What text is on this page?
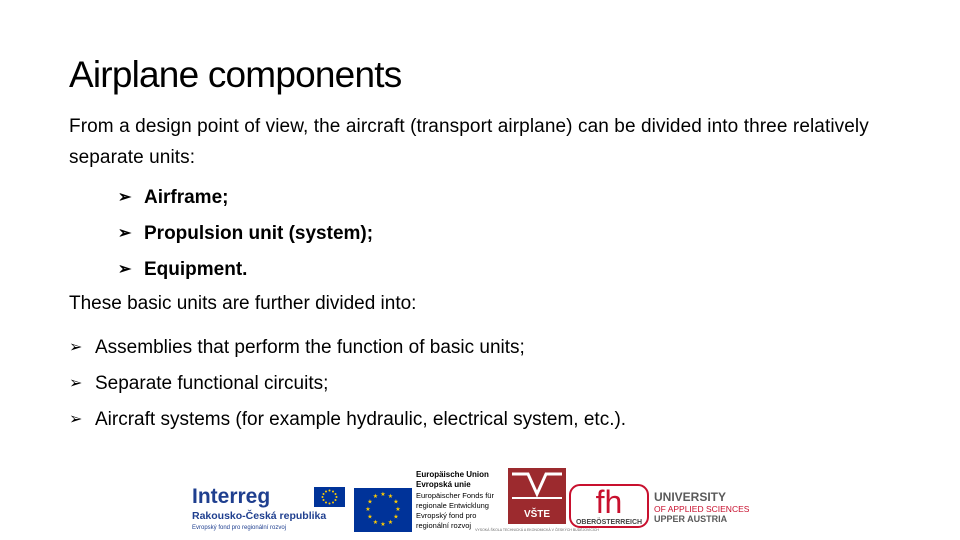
Airplane components
From a design point of view, the aircraft (transport airplane) can be divided into three relatively separate units:
➢ Airframe;
➢ Propulsion unit (system);
➢ Equipment.
These basic units are further divided into:
➢ Assemblies that perform the function of basic units;
➢ Separate functional circuits;
➢ Aircraft systems (for example hydraulic, electrical system, etc.).
Interreg
Rakousko-Česká republika
Evropský fond pro regionální rozvoj
★ ★
★
★
★
★
★
★
★
★
★
★
Europäische Union
Evropská unie
Europäischer Fonds für
regionale Entwicklung
Evropský fond pro
regionální rozvoj
VŠTE
VYSOKÁ ŠKOLA TECHNICKÁ A EKONOMICKÁ V ČESKÝCH BUDĚJOVICÍCH
fh
OBERÖSTERREICH
UNIVERSITY
OF APPLIED SCIENCES
UPPER AUSTRIA
